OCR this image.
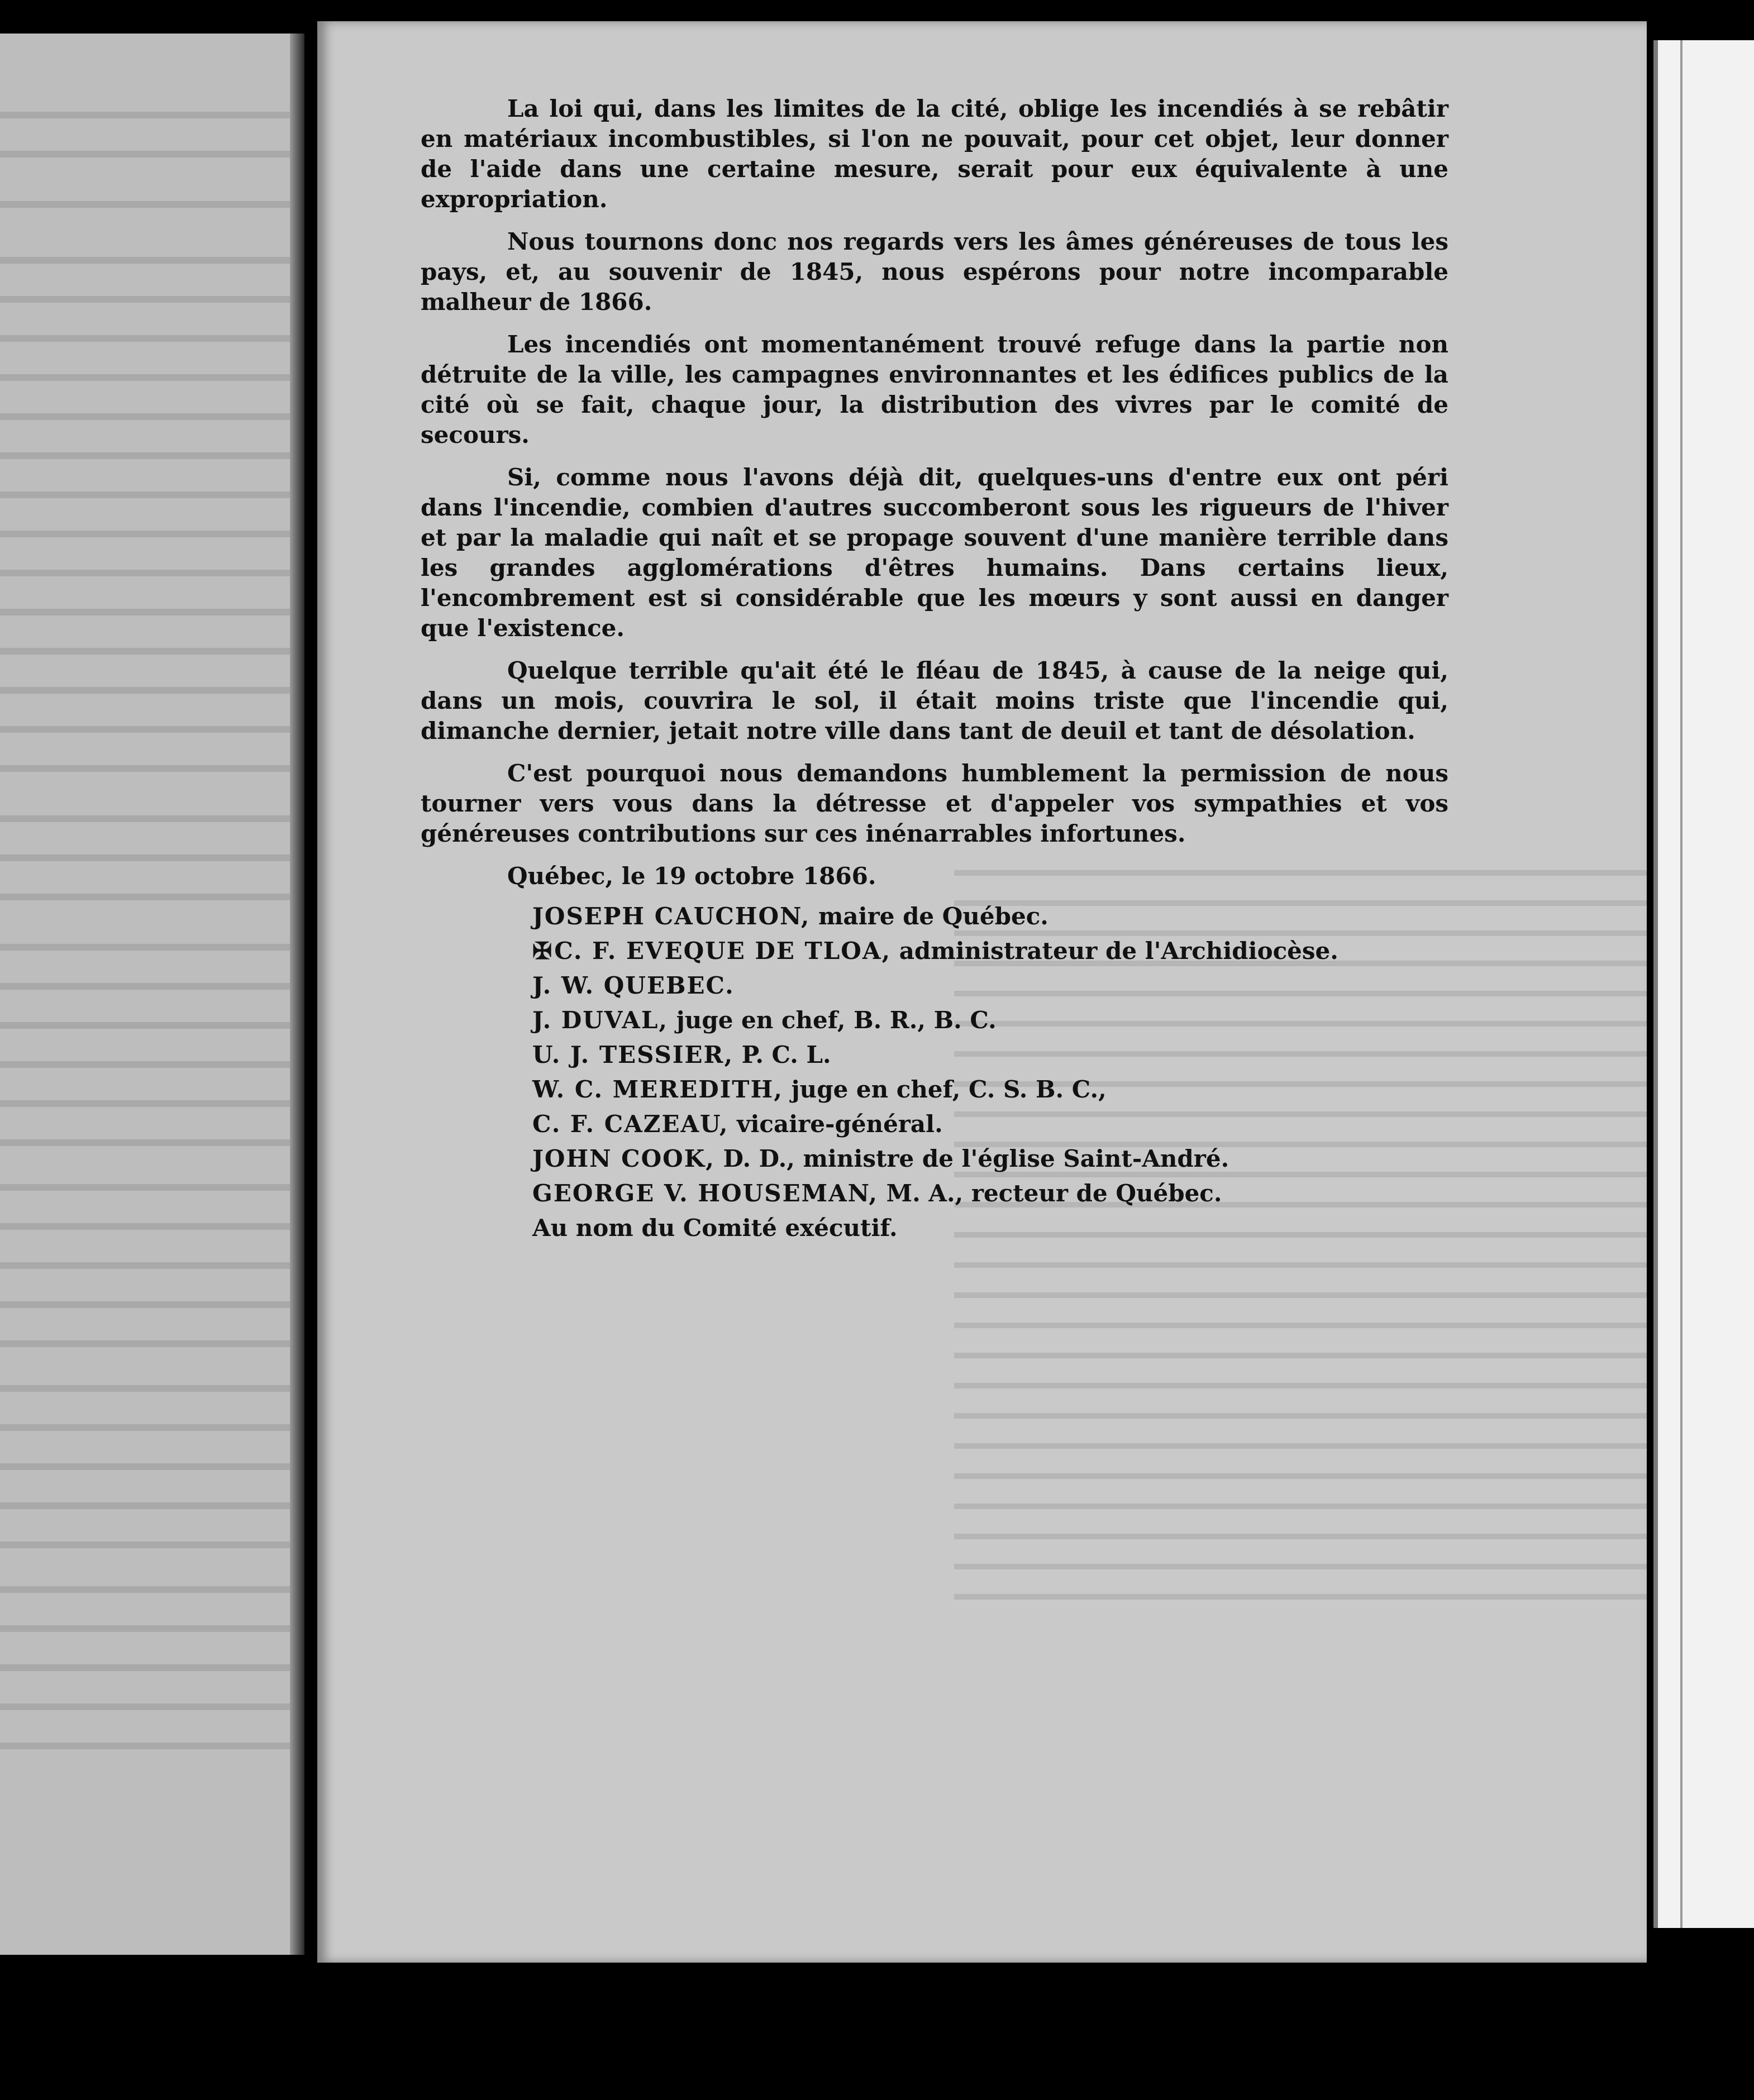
La loi qui, dans les limites de la cité, oblige les incendiés à se rebâtir en matériaux incombustibles, si l'on ne pouvait, pour cet objet, leur donner de l'aide dans une certaine mesure, serait pour eux équivalente à une expropriation.

Nous tournons donc nos regards vers les âmes généreuses de tous les pays, et, au souvenir de 1845, nous espérons pour notre incomparable malheur de 1866.

Les incendiés ont momentanément trouvé refuge dans la partie non détruite de la ville, les campagnes environnantes et les édifices publics de la cité où se fait, chaque jour, la distribution des vivres par le comité de secours.

Si, comme nous l'avons déjà dit, quelques-uns d'entre eux ont péri dans l'incendie, combien d'autres succomberont sous les rigueurs de l'hiver et par la maladie qui naît et se propage souvent d'une manière terrible dans les grandes agglomérations d'êtres humains. Dans certains lieux, l'encombrement est si considérable que les mœurs y sont aussi en danger que l'existence.

Quelque terrible qu'ait été le fléau de 1845, à cause de la neige qui, dans un mois, couvrira le sol, il était moins triste que l'incendie qui, dimanche dernier, jetait notre ville dans tant de deuil et tant de désolation.

C'est pourquoi nous demandons humblement la permission de nous tourner vers vous dans la détresse et d'appeler vos sympathies et vos généreuses contributions sur ces inénarrables infortunes.

Québec, le 19 octobre 1866.
JOSEPH CAUCHON, maire de Québec.
✠C. F. EVEQUE DE TLOA, administrateur de l'Archidiocèse.
J. W. QUEBEC.
J. DUVAL, juge en chef, B. R., B. C.
U. J. TESSIER, P. C. L.
W. C. MEREDITH, juge en chef, C. S. B. C.,
C. F. CAZEAU, vicaire-général.
JOHN COOK, D. D., ministre de l'église Saint-André.
GEORGE V. HOUSEMAN, M. A., recteur de Québec.
Au nom du Comité exécutif.
